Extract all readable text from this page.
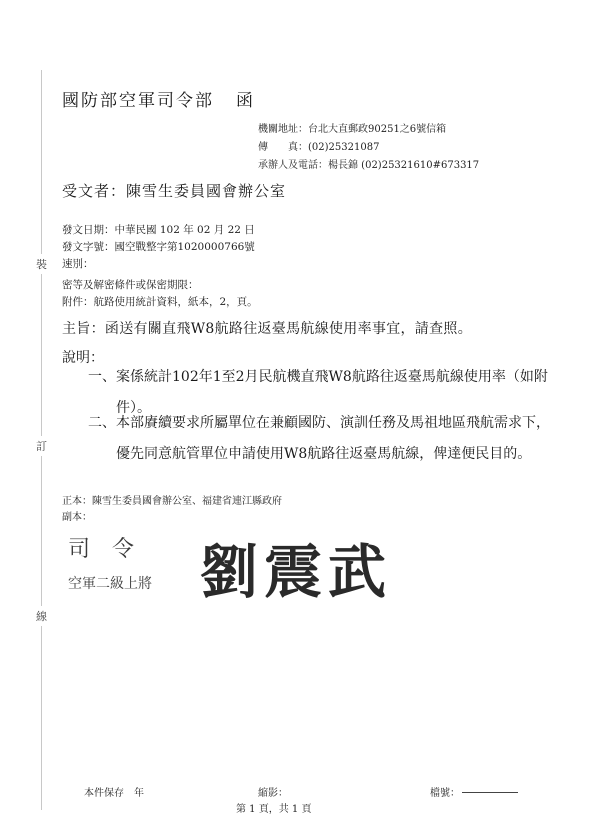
裝
訂
線
國防部空軍司令部 函
機關地址：台北大直郵政90251之6號信箱
傳　　真：(02)25321087
承辦人及電話：楊長錦 (02)25321610#673317
受文者：陳雪生委員國會辦公室
發文日期：中華民國 102 年 02 月 22 日
發文字號：國空戰整字第1020000766號
速別：
密等及解密條件或保密期限：
附件：航路使用統計資料，紙本，2，頁。
主旨：函送有關直飛W8航路往返臺馬航線使用率事宜，請查照。
說明：
一、案係統計102年1至2月民航機直飛W8航路往返臺馬航線使用率（如附件）。
二、本部賡續要求所屬單位在兼顧國防、演訓任務及馬祖地區飛航需求下，優先同意航管單位申請使用W8航路往返臺馬航線，俾達便民目的。
正本：陳雪生委員國會辦公室、福建省連江縣政府
副本：
司　令
空軍二級上將 劉震武
本件保存　年	縮影：	檔號：
第 1 頁，共 1 頁
